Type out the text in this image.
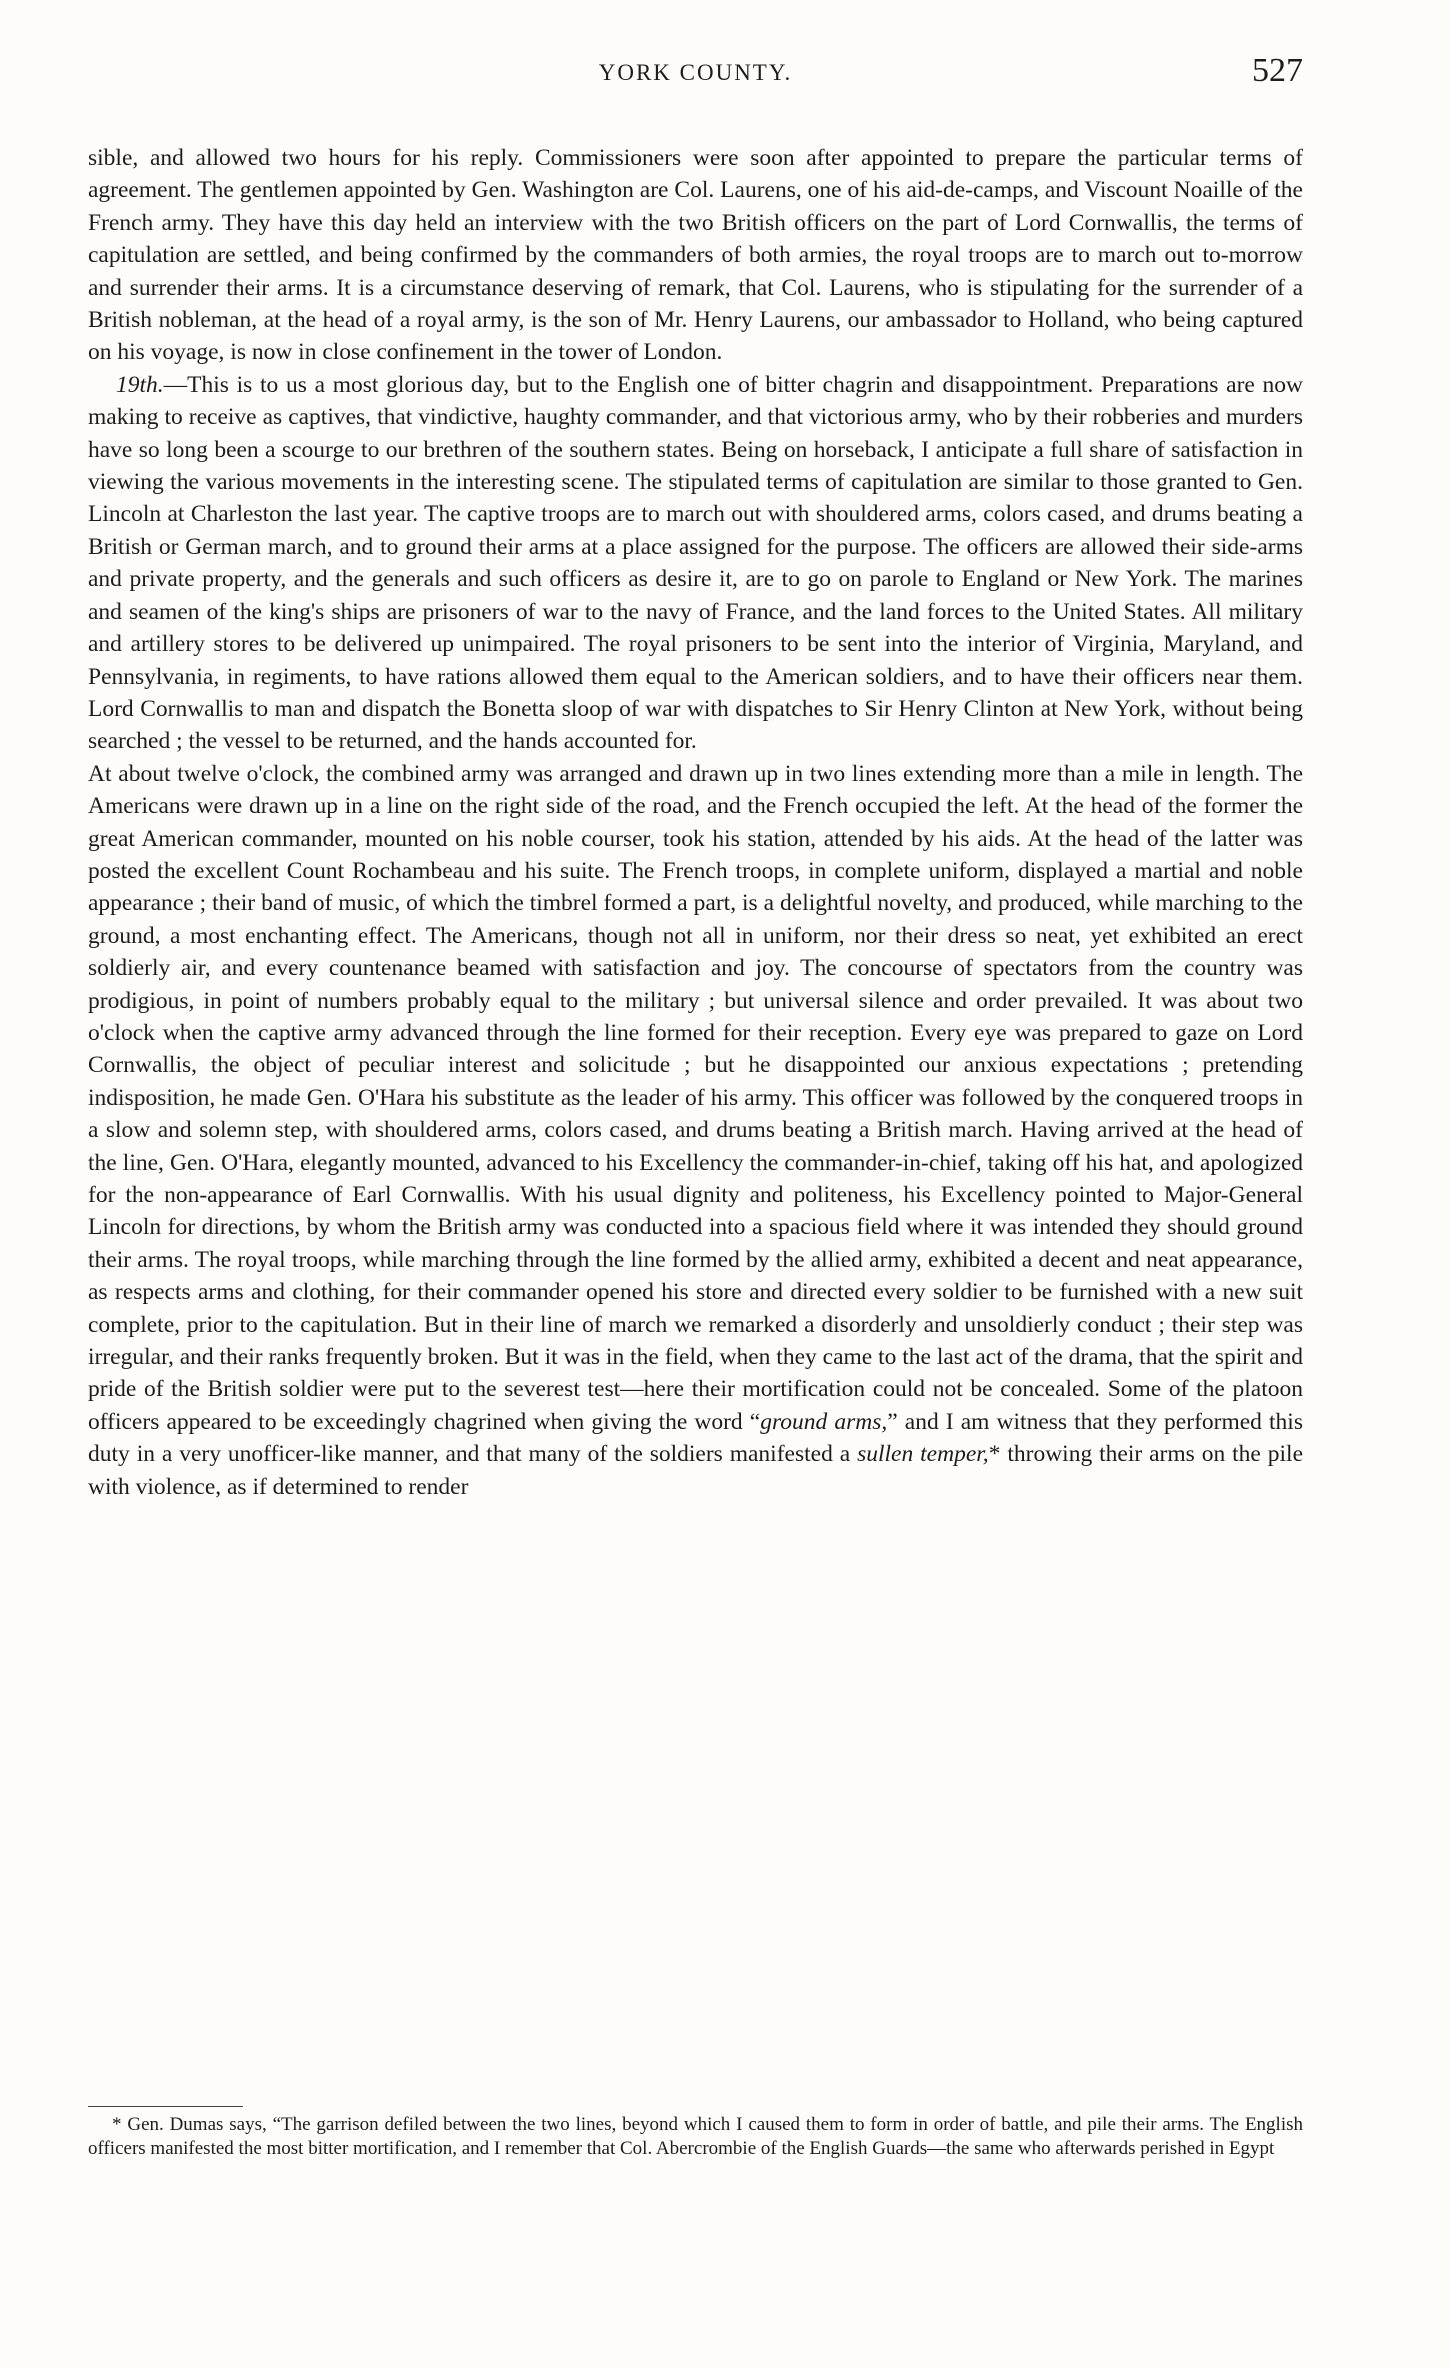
YORK COUNTY.	527

sible, and allowed two hours for his reply. Commissioners were soon after appointed to prepare the particular terms of agreement. The gentlemen appointed by Gen. Washington are Col. Laurens, one of his aid-de-camps, and Viscount Noaille of the French army. They have this day held an interview with the two British officers on the part of Lord Cornwallis, the terms of capitulation are settled, and being confirmed by the commanders of both armies, the royal troops are to march out to-morrow and surrender their arms. It is a circumstance deserving of remark, that Col. Laurens, who is stipulating for the surrender of a British nobleman, at the head of a royal army, is the son of Mr. Henry Laurens, our ambassador to Holland, who being captured on his voyage, is now in close confinement in the tower of London.

19th.—This is to us a most glorious day, but to the English one of bitter chagrin and disappointment. Preparations are now making to receive as captives, that vindictive, haughty commander, and that victorious army, who by their robberies and murders have so long been a scourge to our brethren of the southern states. Being on horseback, I anticipate a full share of satisfaction in viewing the various movements in the interesting scene. The stipulated terms of capitulation are similar to those granted to Gen. Lincoln at Charleston the last year. The captive troops are to march out with shouldered arms, colors cased, and drums beating a British or German march, and to ground their arms at a place assigned for the purpose. The officers are allowed their side-arms and private property, and the generals and such officers as desire it, are to go on parole to England or New York. The marines and seamen of the king's ships are prisoners of war to the navy of France, and the land forces to the United States. All military and artillery stores to be delivered up unimpaired. The royal prisoners to be sent into the interior of Virginia, Maryland, and Pennsylvania, in regiments, to have rations allowed them equal to the American soldiers, and to have their officers near them. Lord Cornwallis to man and dispatch the Bonetta sloop of war with dispatches to Sir Henry Clinton at New York, without being searched ; the vessel to be returned, and the hands accounted for.

At about twelve o'clock, the combined army was arranged and drawn up in two lines extending more than a mile in length. The Americans were drawn up in a line on the right side of the road, and the French occupied the left. At the head of the former the great American commander, mounted on his noble courser, took his station, attended by his aids. At the head of the latter was posted the excellent Count Rochambeau and his suite. The French troops, in complete uniform, displayed a martial and noble appearance ; their band of music, of which the timbrel formed a part, is a delightful novelty, and produced, while marching to the ground, a most enchanting effect. The Americans, though not all in uniform, nor their dress so neat, yet exhibited an erect soldierly air, and every countenance beamed with satisfaction and joy. The concourse of spectators from the country was prodigious, in point of numbers probably equal to the military ; but universal silence and order prevailed. It was about two o'clock when the captive army advanced through the line formed for their reception. Every eye was prepared to gaze on Lord Cornwallis, the object of peculiar interest and solicitude ; but he disappointed our anxious expectations ; pretending indisposition, he made Gen. O'Hara his substitute as the leader of his army. This officer was followed by the conquered troops in a slow and solemn step, with shouldered arms, colors cased, and drums beating a British march. Having arrived at the head of the line, Gen. O'Hara, elegantly mounted, advanced to his Excellency the commander-in-chief, taking off his hat, and apologized for the non-appearance of Earl Cornwallis. With his usual dignity and politeness, his Excellency pointed to Major-General Lincoln for directions, by whom the British army was conducted into a spacious field where it was intended they should ground their arms. The royal troops, while marching through the line formed by the allied army, exhibited a decent and neat appearance, as respects arms and clothing, for their commander opened his store and directed every soldier to be furnished with a new suit complete, prior to the capitulation. But in their line of march we remarked a disorderly and unsoldierly conduct ; their step was irregular, and their ranks frequently broken. But it was in the field, when they came to the last act of the drama, that the spirit and pride of the British soldier were put to the severest test—here their mortification could not be concealed. Some of the platoon officers appeared to be exceedingly chagrined when giving the word “ground arms,” and I am witness that they performed this duty in a very unofficer-like manner, and that many of the soldiers manifested a sullen temper,* throwing their arms on the pile with violence, as if determined to render

* Gen. Dumas says, “The garrison defiled between the two lines, beyond which I caused them to form in order of battle, and pile their arms. The English officers manifested the most bitter mortification, and I remember that Col. Abercrombie of the English Guards—the same who afterwards perished in Egypt
